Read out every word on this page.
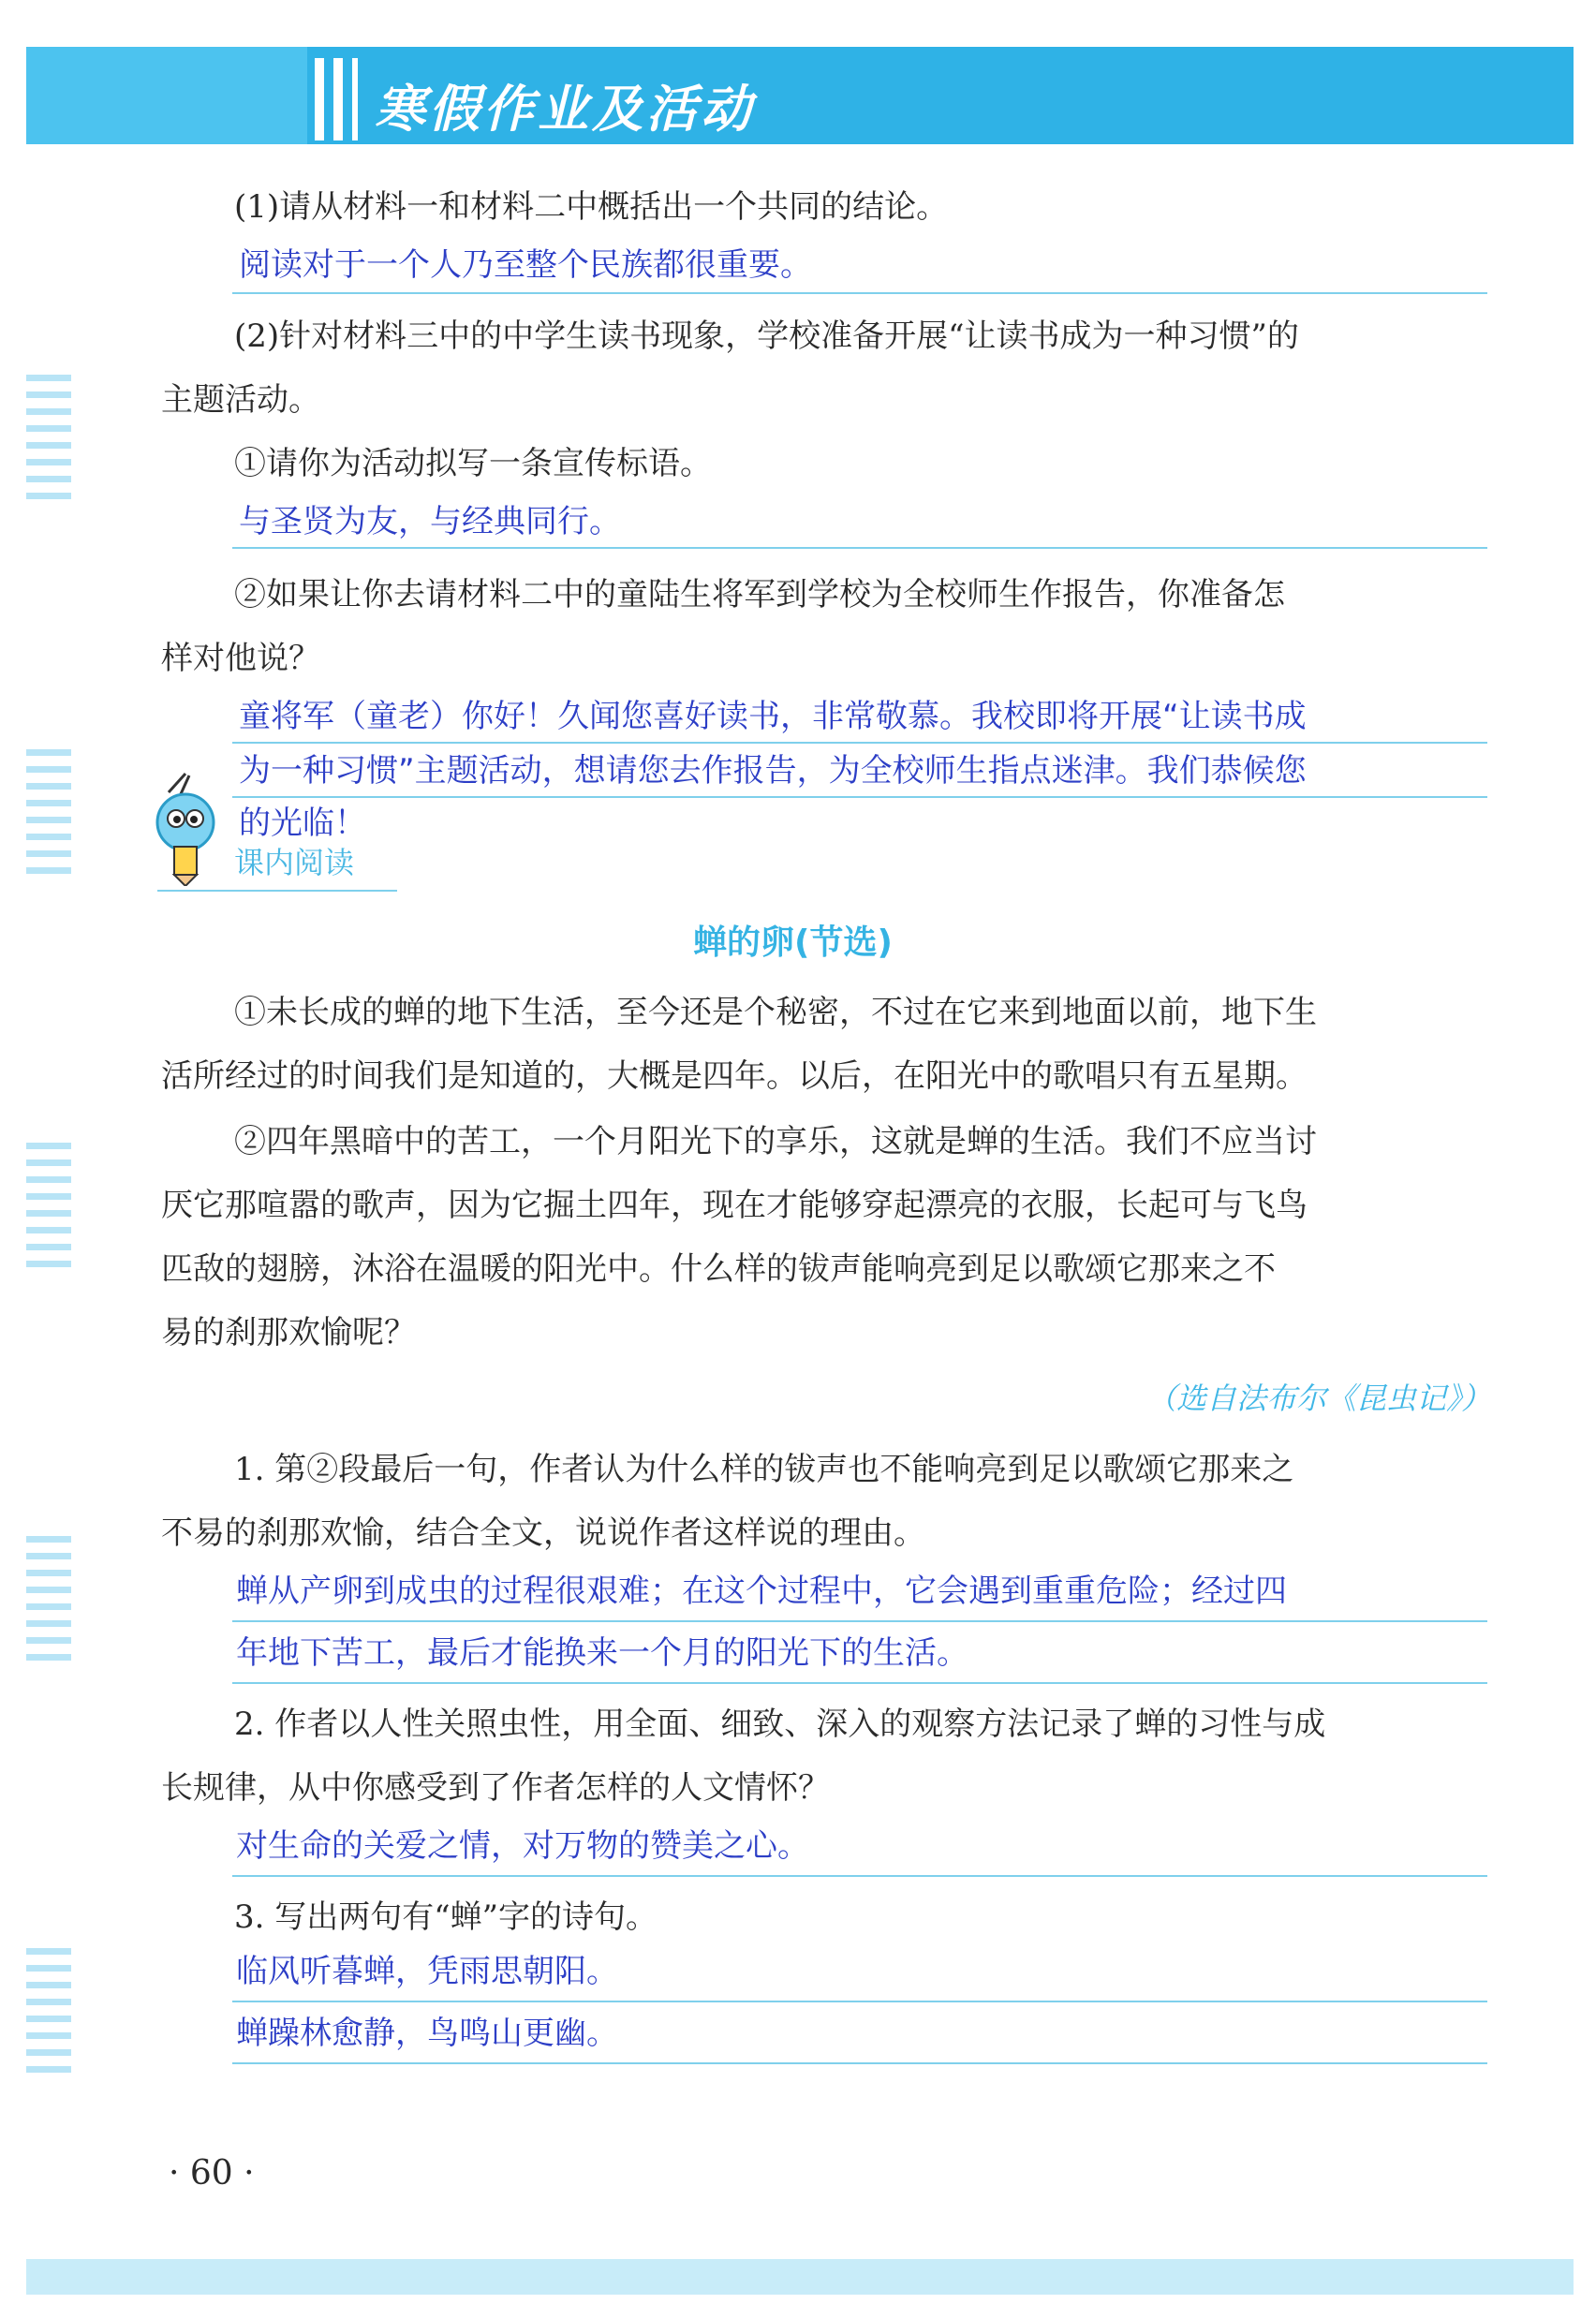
寒假作业及活动
(1)请从材料一和材料二中概括出一个共同的结论。
阅读对于一个人乃至整个民族都很重要。
(2)针对材料三中的中学生读书现象，学校准备开展“让读书成为一种习惯”的
主题活动。
①请你为活动拟写一条宣传标语。
与圣贤为友，与经典同行。
②如果让你去请材料二中的童陆生将军到学校为全校师生作报告，你准备怎
样对他说？
童将军（童老）你好！久闻您喜好读书，非常敬慕。我校即将开展“让读书成
为一种习惯”主题活动，想请您去作报告，为全校师生指点迷津。我们恭候您
的光临！
课内阅读
蝉的卵(节选)
①未长成的蝉的地下生活，至今还是个秘密，不过在它来到地面以前，地下生
活所经过的时间我们是知道的，大概是四年。以后，在阳光中的歌唱只有五星期。
②四年黑暗中的苦工，一个月阳光下的享乐，这就是蝉的生活。我们不应当讨
厌它那喧嚣的歌声，因为它掘土四年，现在才能够穿起漂亮的衣服，长起可与飞鸟
匹敌的翅膀，沐浴在温暖的阳光中。什么样的钹声能响亮到足以歌颂它那来之不
易的刹那欢愉呢？
（选自法布尔《昆虫记》）
1. 第②段最后一句，作者认为什么样的钹声也不能响亮到足以歌颂它那来之
不易的刹那欢愉，结合全文，说说作者这样说的理由。
蝉从产卵到成虫的过程很艰难；在这个过程中，它会遇到重重危险；经过四
年地下苦工，最后才能换来一个月的阳光下的生活。
2. 作者以人性关照虫性，用全面、细致、深入的观察方法记录了蝉的习性与成
长规律，从中你感受到了作者怎样的人文情怀？
对生命的关爱之情，对万物的赞美之心。
3. 写出两句有“蝉”字的诗句。
临风听暮蝉，凭雨思朝阳。
蝉躁林愈静，鸟鸣山更幽。
· 60 ·
